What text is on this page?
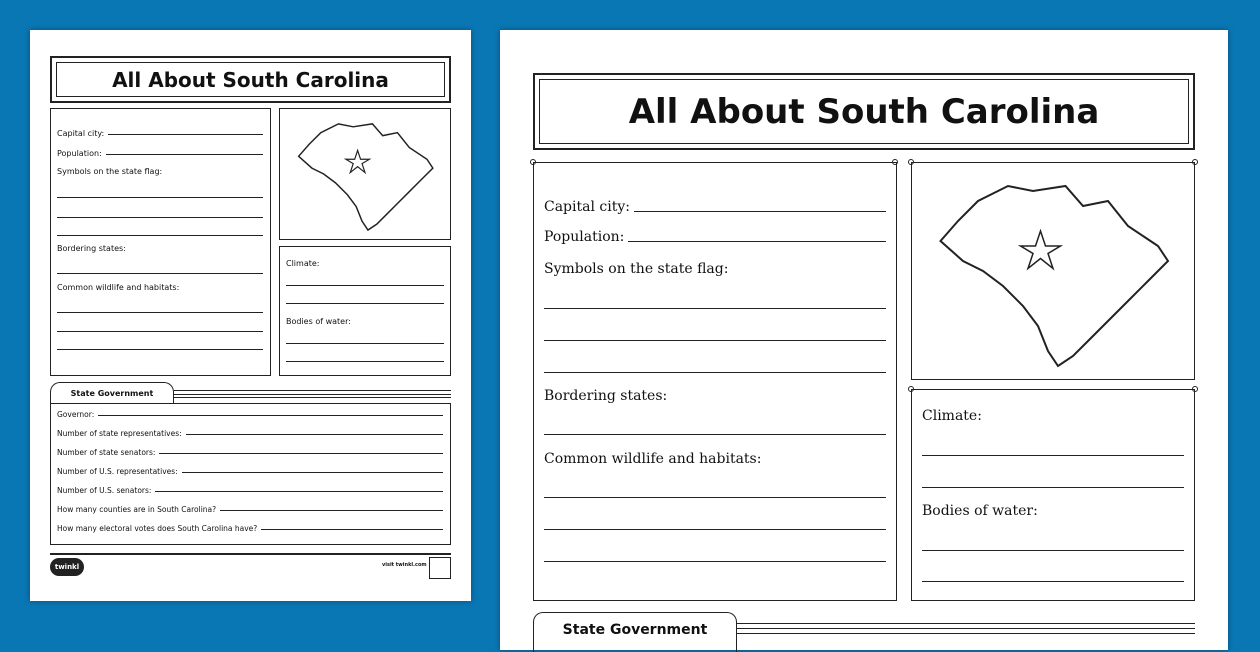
All About South Carolina
Capital city:
Population:
Symbols on the state flag:
Bordering states:
Common wildlife and habitats:
Climate:
Bodies of water:
State Government
Governor:
Number of state representatives:
Number of state senators:
Number of U.S. representatives:
Number of U.S. senators:
How many counties are in South Carolina?
How many electoral votes does South Carolina have?
twinkl	visit twinkl.com
All About South Carolina
Capital city:
Population:
Symbols on the state flag:
Bordering states:
Common wildlife and habitats:
Climate:
Bodies of water:
State Government
